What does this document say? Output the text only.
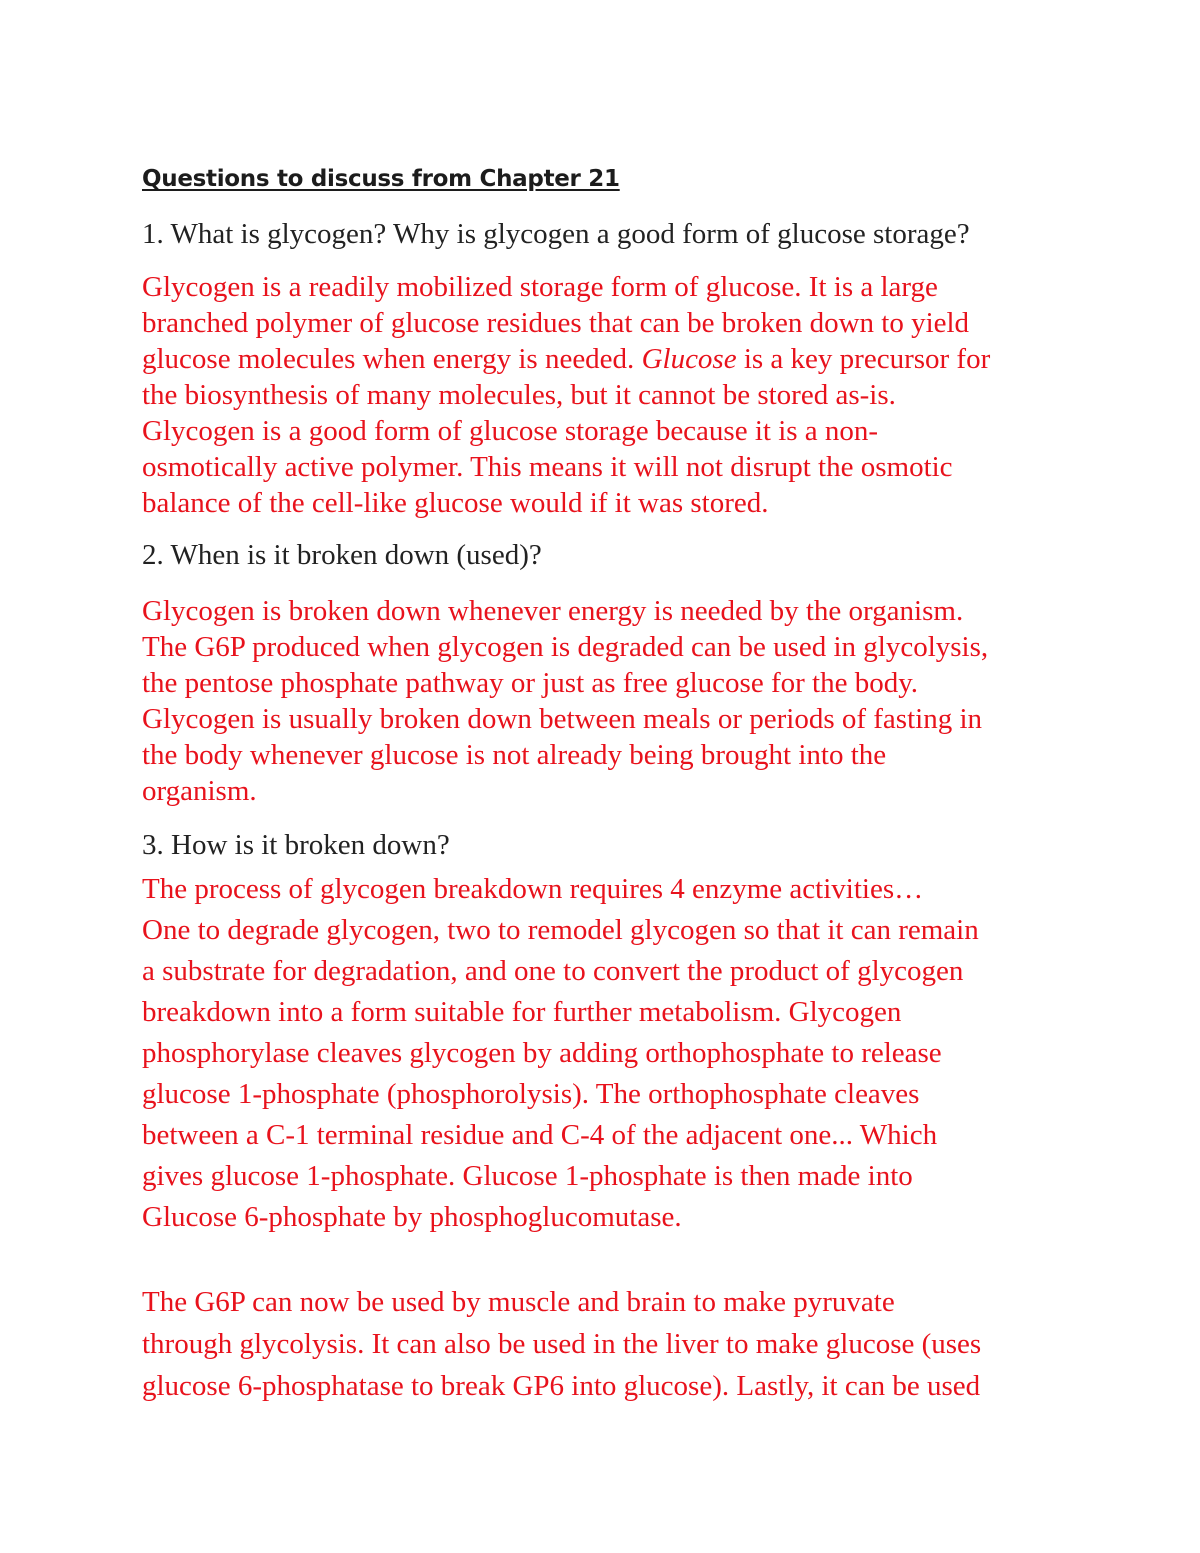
Questions to discuss from Chapter 21
1. What is glycogen? Why is glycogen a good form of glucose storage?
Glycogen is a readily mobilized storage form of glucose. It is a large
branched polymer of glucose residues that can be broken down to yield
glucose molecules when energy is needed. Glucose is a key precursor for
the biosynthesis of many molecules, but it cannot be stored as-is.
Glycogen is a good form of glucose storage because it is a non-
osmotically active polymer. This means it will not disrupt the osmotic
balance of the cell-like glucose would if it was stored.
2. When is it broken down (used)?
Glycogen is broken down whenever energy is needed by the organism.
The G6P produced when glycogen is degraded can be used in glycolysis,
the pentose phosphate pathway or just as free glucose for the body.
Glycogen is usually broken down between meals or periods of fasting in
the body whenever glucose is not already being brought into the
organism.
3. How is it broken down?
The process of glycogen breakdown requires 4 enzyme activities…
One to degrade glycogen, two to remodel glycogen so that it can remain
a substrate for degradation, and one to convert the product of glycogen
breakdown into a form suitable for further metabolism. Glycogen
phosphorylase cleaves glycogen by adding orthophosphate to release
glucose 1-phosphate (phosphorolysis). The orthophosphate cleaves
between a C-1 terminal residue and C-4 of the adjacent one... Which
gives glucose 1-phosphate. Glucose 1-phosphate is then made into
Glucose 6-phosphate by phosphoglucomutase.
The G6P can now be used by muscle and brain to make pyruvate
through glycolysis. It can also be used in the liver to make glucose (uses
glucose 6-phosphatase to break GP6 into glucose). Lastly, it can be used
